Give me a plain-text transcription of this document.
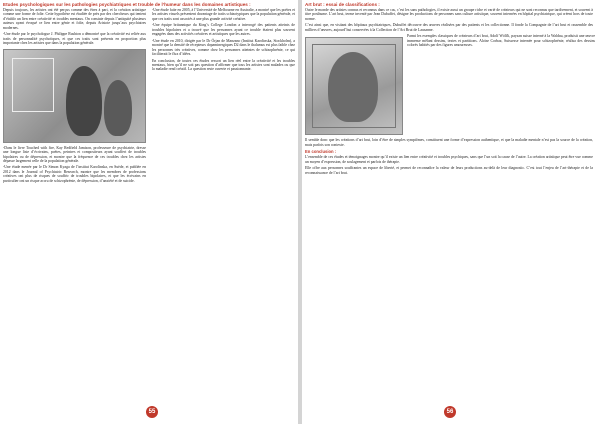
Etudes psychologiques sur les pathologies psychiatriques et trouble de l’humeur dans les domaines artistiques :

Depuis toujours, les artistes ont été perçus comme des êtres à part, et la création artistique comme une forme de folie. Cette hypothèse est étudiée de près par des chercheurs qui tentent d’établir un lien entre créativité et troubles mentaux. On constate depuis l’antiquité plusieurs auteurs ayant évoqué ce lien entre génie et folie, depuis Aristote jusqu’aux psychiatres modernes.

-Une étude par le psychologue J. Philippe Rushton a démontré que la créativité est reliée aux traits de personnalité psychotiques, et que ces traits sont présents en proportion plus importante chez les artistes que dans la population générale.

-Dans le livre Touched with fire, Kay Redfield Jamison, professeure de psychiatrie, dresse une longue liste d’écrivains, poètes, peintres et compositeurs ayant souffert de troubles bipolaires ou de dépression, et montre que la fréquence de ces troubles chez les artistes dépasse largement celle de la population générale.

-Une étude menée par le Dr Simon Kyaga de l’institut Karolinska, en Suède, et publiée en 2012 dans le Journal of Psychiatric Research, montre que les membres de professions créatives ont plus de risques de souffrir de troubles bipolaires, et que les écrivains en particulier ont un risque accru de schizophrénie, de dépression, d’anxiété et de suicide.

-Une étude faite en 2005, à l’Université de Melbourne en Australie, a montré que les poètes et les artistes visuels présentent davantage de traits schizotypiques que la population générale, et que ces traits sont associés à une plus grande activité créative.

-Une équipe britannique du King’s College London a interrogé des patients atteints de troubles bipolaires et a trouvé que les personnes ayant ce trouble étaient plus souvent engagées dans des activités créatives et artistiques que les autres.

-Une étude en 2010, dirigée par le Dr Örjan de Manzano (Institut Karolinska, Stockholm), a montré que la densité de récepteurs dopaminergiques D2 dans le thalamus est plus faible chez les personnes très créatives, comme chez les personnes atteintes de schizophrénie, ce qui faciliterait le flux d’idées.

En conclusion, de toutes ces études ressort un lien réel entre la créativité et les troubles mentaux, bien qu’il ne soit pas question d’affirmer que tous les artistes sont malades ou que la maladie rend créatif. La question reste ouverte et passionnante.

55
Art brut : essai de classifications :

Outre le monde des artistes connus et reconnus dans ce cas, c’est les sans pathologies, il existe aussi un groupe riche et varié de créateurs qui ne sont reconnus que tardivement, et souvent à titre posthume. L’art brut, terme inventé par Jean Dubuffet, désigne les productions de personnes sans culture artistique, souvent internées en hôpital psychiatrique, qui créent hors de toute norme.

C’est ainsi que, en visitant des hôpitaux psychiatriques, Dubuffet découvre des œuvres réalisées par des patients et les collectionne. Il fonde la Compagnie de l’art brut et rassemble des milliers d’œuvres, aujourd’hui conservées à la Collection de l’Art Brut de Lausanne.

Parmi les exemples classiques de créateurs d’art brut, Adolf Wölfli, paysan suisse interné à la Waldau, produisit une œuvre immense mêlant dessins, textes et partitions. Aloïse Corbaz, Suissesse internée pour schizophrénie, réalisa des dessins colorés habités par des figures amoureuses.

Il semble donc que les créations d’art brut, loin d’être de simples symptômes, constituent une forme d’expression authentique, et que la maladie mentale n’est pas la source de la création, mais parfois son contexte.

En conclusion :

L’ensemble de ces études et témoignages montre qu’il existe un lien entre créativité et troubles psychiques, sans que l’un soit la cause de l’autre. La création artistique peut être vue comme un moyen d’expression, de soulagement et parfois de thérapie.

Elle offre aux personnes souffrantes un espace de liberté, et permet de reconnaître la valeur de leurs productions au-delà de leur diagnostic. C’est tout l’enjeu de l’art-thérapie et de la reconnaissance de l’art brut.

56
